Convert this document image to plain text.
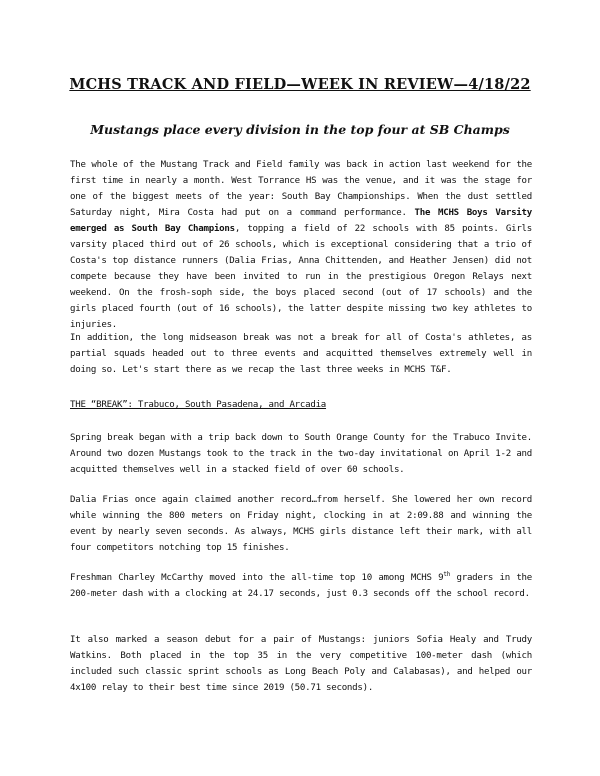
MCHS TRACK AND FIELD—WEEK IN REVIEW—4/18/22
Mustangs place every division in the top four at SB Champs

The whole of the Mustang Track and Field family was back in action last weekend for the first time in nearly a month. West Torrance HS was the venue, and it was the stage for one of the biggest meets of the year: South Bay Championships. When the dust settled Saturday night, Mira Costa had put on a command performance. The MCHS Boys Varsity emerged as South Bay Champions, topping a field of 22 schools with 85 points. Girls varsity placed third out of 26 schools, which is exceptional considering that a trio of Costa's top distance runners (Dalia Frias, Anna Chittenden, and Heather Jensen) did not compete because they have been invited to run in the prestigious Oregon Relays next weekend. On the frosh-soph side, the boys placed second (out of 17 schools) and the girls placed fourth (out of 16 schools), the latter despite missing two key athletes to injuries.

In addition, the long midseason break was not a break for all of Costa's athletes, as partial squads headed out to three events and acquitted themselves extremely well in doing so. Let's start there as we recap the last three weeks in MCHS T&F.

THE “BREAK”: Trabuco, South Pasadena, and Arcadia

Spring break began with a trip back down to South Orange County for the Trabuco Invite. Around two dozen Mustangs took to the track in the two-day invitational on April 1-2 and acquitted themselves well in a stacked field of over 60 schools.

Dalia Frias once again claimed another record…from herself. She lowered her own record while winning the 800 meters on Friday night, clocking in at 2:09.88 and winning the event by nearly seven seconds. As always, MCHS girls distance left their mark, with all four competitors notching top 15 finishes.

Freshman Charley McCarthy moved into the all-time top 10 among MCHS 9th graders in the 200-meter dash with a clocking at 24.17 seconds, just 0.3 seconds off the school record.

It also marked a season debut for a pair of Mustangs: juniors Sofia Healy and Trudy Watkins. Both placed in the top 35 in the very competitive 100-meter dash (which included such classic sprint schools as Long Beach Poly and Calabasas), and helped our 4x100 relay to their best time since 2019 (50.71 seconds).
